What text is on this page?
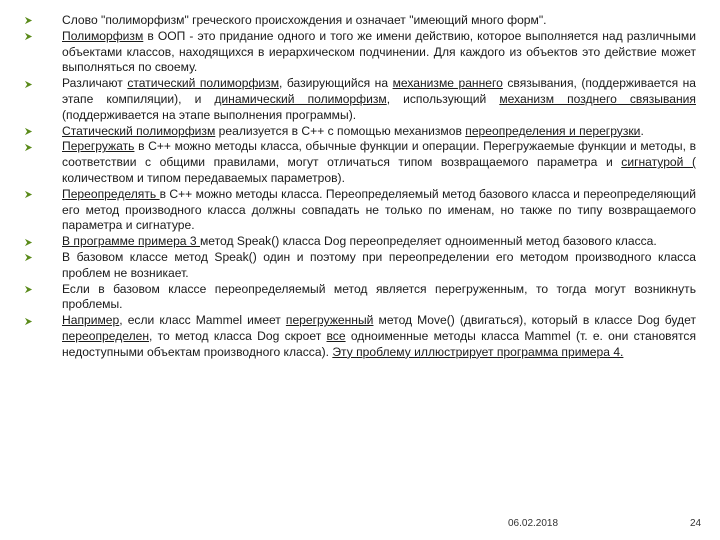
Слово "полиморфизм" греческого происхождения и означает "имеющий много форм".
Полиморфизм в ООП - это придание одного и того же имени действию, которое выполняется над различными объектами классов, находящихся в иерархическом подчинении. Для каждого из объектов это действие может выполняться по своему.
Различают статический полиморфизм, базирующийся на механизме раннего связывания, (поддерживается на этапе компиляции), и динамический полиморфизм, использующий механизм позднего связывания (поддерживается на этапе выполнения программы).
Статический полиморфизм реализуется в С++ с помощью механизмов переопределения и перегрузки.
Перегружать в С++ можно методы класса, обычные функции и операции. Перегружаемые функции и методы, в соответствии с общими правилами, могут отличаться типом возвращаемого параметра и сигнатурой ( количеством и типом передаваемых параметров).
Переопределять в С++ можно методы класса. Переопределяемый метод базового класса и переопределяющий его метод производного класса должны совпадать не только по именам, но также по типу возвращаемого параметра и сигнатуре.
В программе примера 3 метод Speak() класса Dog переопределяет одноименный метод базового класса.
В базовом классе метод Speak() один и поэтому при переопределении его методом производного класса проблем не возникает.
Если в базовом классе переопределяемый метод является перегруженным, то тогда могут возникнуть проблемы.
Например, если класс Mammel имеет перегруженный метод Move() (двигаться), который в классе Dog будет переопределен, то метод класса Dog скроет все одноименные методы класса Mammel (т. е. они становятся недоступными объектам производного класса). Эту проблему иллюстрирует программа примера 4.
06.02.2018	24
